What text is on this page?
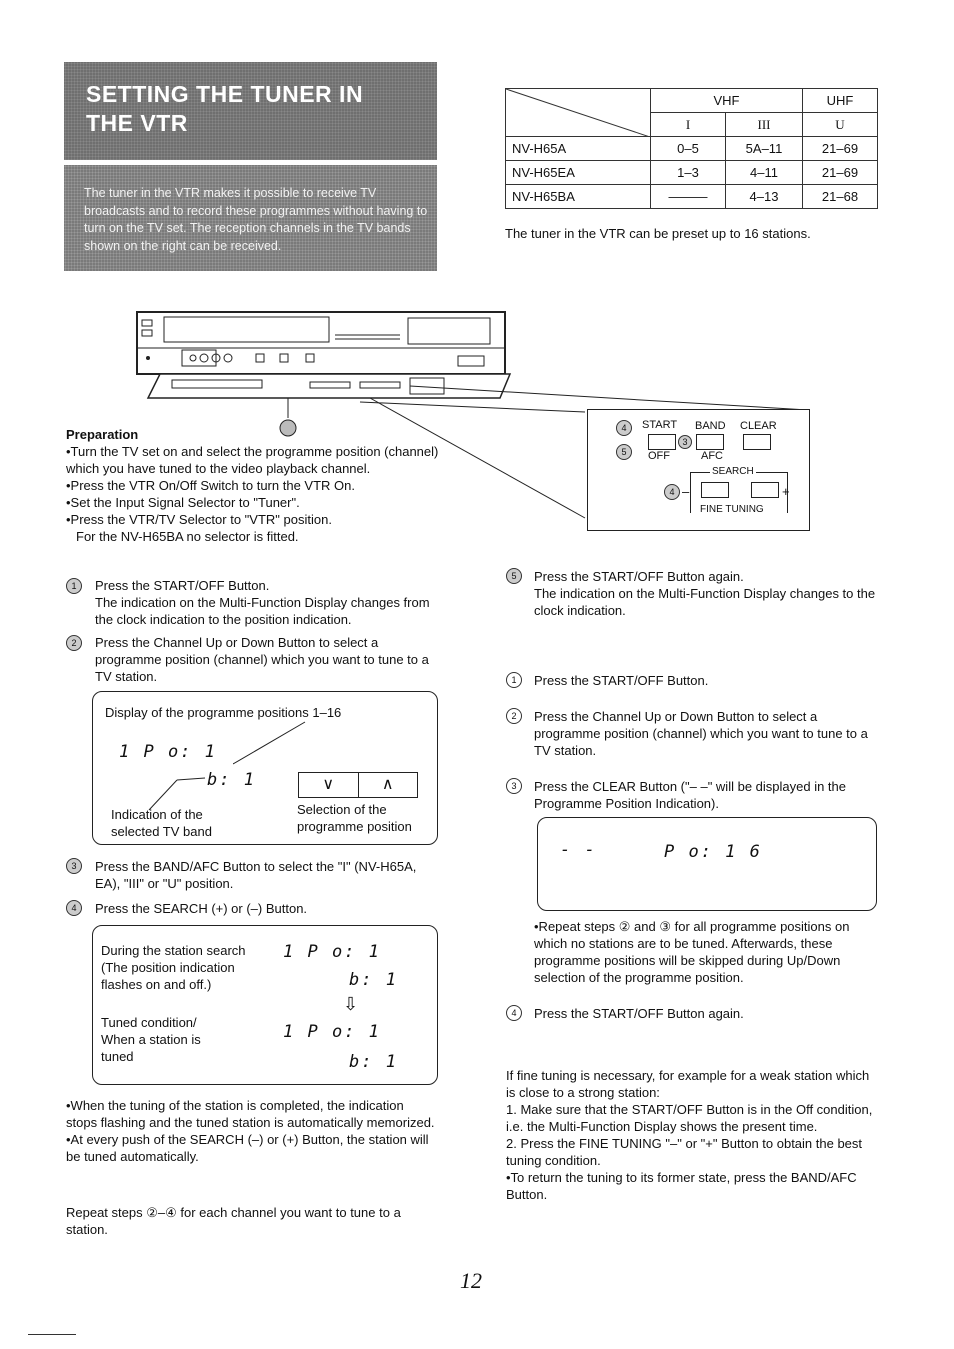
SETTING THE TUNER IN
THE VTR
The tuner in the VTR makes it possible to receive TV broadcasts and to record these programmes without having to turn on the TV set. The reception channels in the TV bands shown on the right can be received.
	VHF		UHF
	I	III	U
NV-H65A	0–5	5A–11	21–69
NV-H65EA	1–3	4–11	21–69
NV-H65BA	———	4–13	21–68
The tuner in the VTR can be preset up to 16 stations.
4
5
START BAND CLEAR
3
OFF	AFC
SEARCH
4 –	+
FINE TUNING
Preparation
•Turn the TV set on and select the programme position (channel) which you have tuned to the video playback channel.
•Press the VTR On/Off Switch to turn the VTR On.
•Set the Input Signal Selector to "Tuner".
•Press the VTR/TV Selector to "VTR" position.
For the NV-H65BA no selector is fitted.
1	Press the START/OFF Button.
The indication on the Multi-Function Display changes from the clock indication to the position indication.
2	Press the Channel Up or Down Button to select a programme position (channel) which you want to tune to a TV station.
Display of the programme positions 1–16
1 P o: 1
b: 1	∨	∧
Indication of the
selected TV band
Selection of the
programme position
3	Press the BAND/AFC Button to select the "I" (NV-H65A, EA), "III" or "U" position.
4	Press the SEARCH (+) or (–) Button.
During the station search
(The position indication
flashes on and off.)
1 P o: 1
b: 1
⇩
Tuned condition/
When a station is
tuned
1 P o: 1
b: 1
•When the tuning of the station is completed, the indication stops flashing and the tuned station is automatically memorized.
•At every push of the SEARCH (–) or (+) Button, the station will be tuned automatically.
Repeat steps ②–④ for each channel you want to tune to a station.
5	Press the START/OFF Button again.
The indication on the Multi-Function Display changes to the clock indication.
1	Press the START/OFF Button.
2	Press the Channel Up or Down Button to select a programme position (channel) which you want to tune to a TV station.
3	Press the CLEAR Button ("– –" will be displayed in the Programme Position Indication).
- -	P o: 1 6
•Repeat steps ② and ③ for all programme positions on which no stations are to be tuned. Afterwards, these programme positions will be skipped during Up/Down selection of the programme position.
4	Press the START/OFF Button again.
If fine tuning is necessary, for example for a weak station which is close to a strong station:
1. Make sure that the START/OFF Button is in the Off condition, i.e. the Multi-Function Display shows the present time.
2. Press the FINE TUNING "–" or "+" Button to obtain the best tuning condition.
•To return the tuning to its former state, press the BAND/AFC Button.
12
